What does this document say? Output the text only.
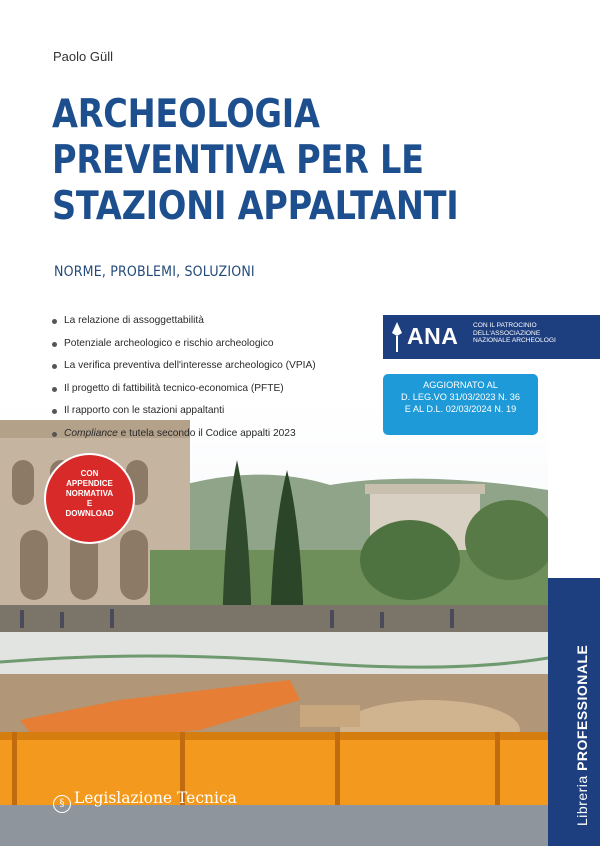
Paolo Güll
ARCHEOLOGIA
PREVENTIVA PER LE
STAZIONI APPALTANTI
NORME, PROBLEMI, SOLUZIONI
La relazione di assoggettabilità
Potenziale archeologico e rischio archeologico
La verifica preventiva dell'interesse archeologico (VPIA)
Il progetto di fattibilità tecnico-economica (PFTE)
Il rapporto con le stazioni appaltanti
Compliance e tutela secondo il Codice appalti 2023
ANA CON IL PATROCINIO
DELL'ASSOCIAZIONE
NAZIONALE ARCHEOLOGI
AGGIORNATO AL
D. LEG.VO 31/03/2023 N. 36
E AL D.L. 02/03/2024 N. 19
CON
APPENDICE
NORMATIVA
E
DOWNLOAD
§ Legislazione Tecnica	Libreria PROFESSIONALE
